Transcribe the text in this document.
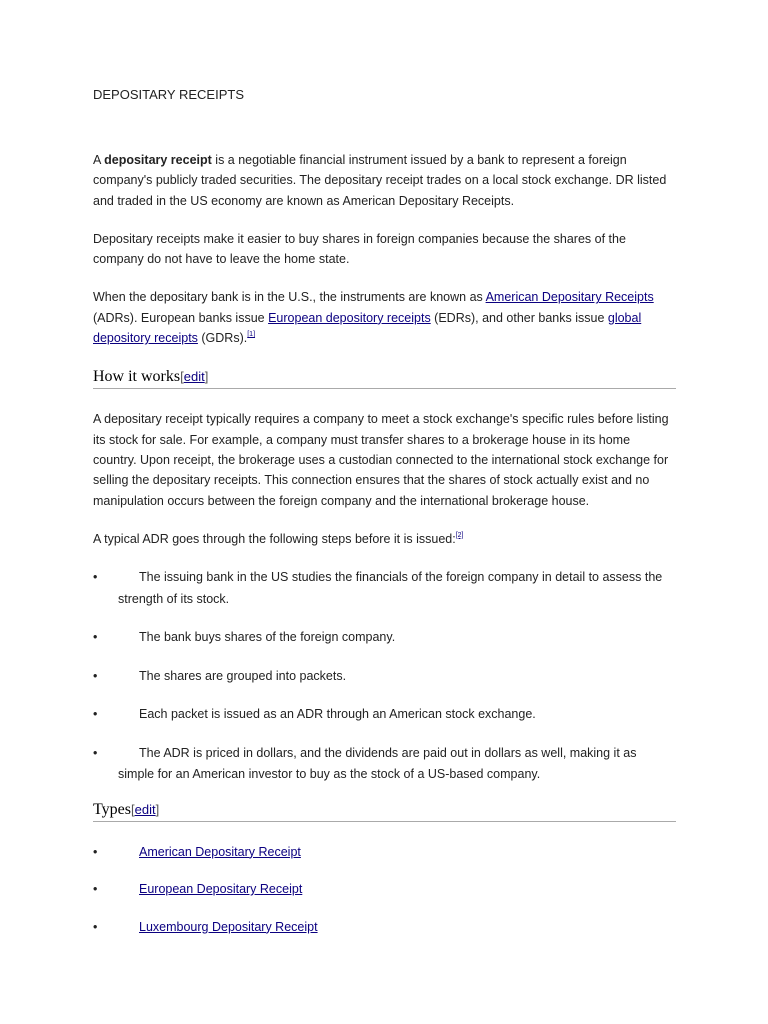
DEPOSITARY RECEIPTS

A depositary receipt is a negotiable financial instrument issued by a bank to represent a foreign company's publicly traded securities. The depositary receipt trades on a local stock exchange. DR listed and traded in the US economy are known as American Depositary Receipts.

Depositary receipts make it easier to buy shares in foreign companies because the shares of the company do not have to leave the home state.

When the depositary bank is in the U.S., the instruments are known as American Depositary Receipts (ADRs). European banks issue European depository receipts (EDRs), and other banks issue global depository receipts (GDRs).[1]

How it works[edit]

A depositary receipt typically requires a company to meet a stock exchange's specific rules before listing its stock for sale. For example, a company must transfer shares to a brokerage house in its home country. Upon receipt, the brokerage uses a custodian connected to the international stock exchange for selling the depositary receipts. This connection ensures that the shares of stock actually exist and no manipulation occurs between the foreign company and the international brokerage house.

A typical ADR goes through the following steps before it is issued:[2]

•	The issuing bank in the US studies the financials of the foreign company in detail to assess the strength of its stock.
•	The bank buys shares of the foreign company.
•	The shares are grouped into packets.
•	Each packet is issued as an ADR through an American stock exchange.
•	The ADR is priced in dollars, and the dividends are paid out in dollars as well, making it as simple for an American investor to buy as the stock of a US-based company.
Types[edit]
•	American Depositary Receipt
•	European Depositary Receipt
•	Luxembourg Depositary Receipt
